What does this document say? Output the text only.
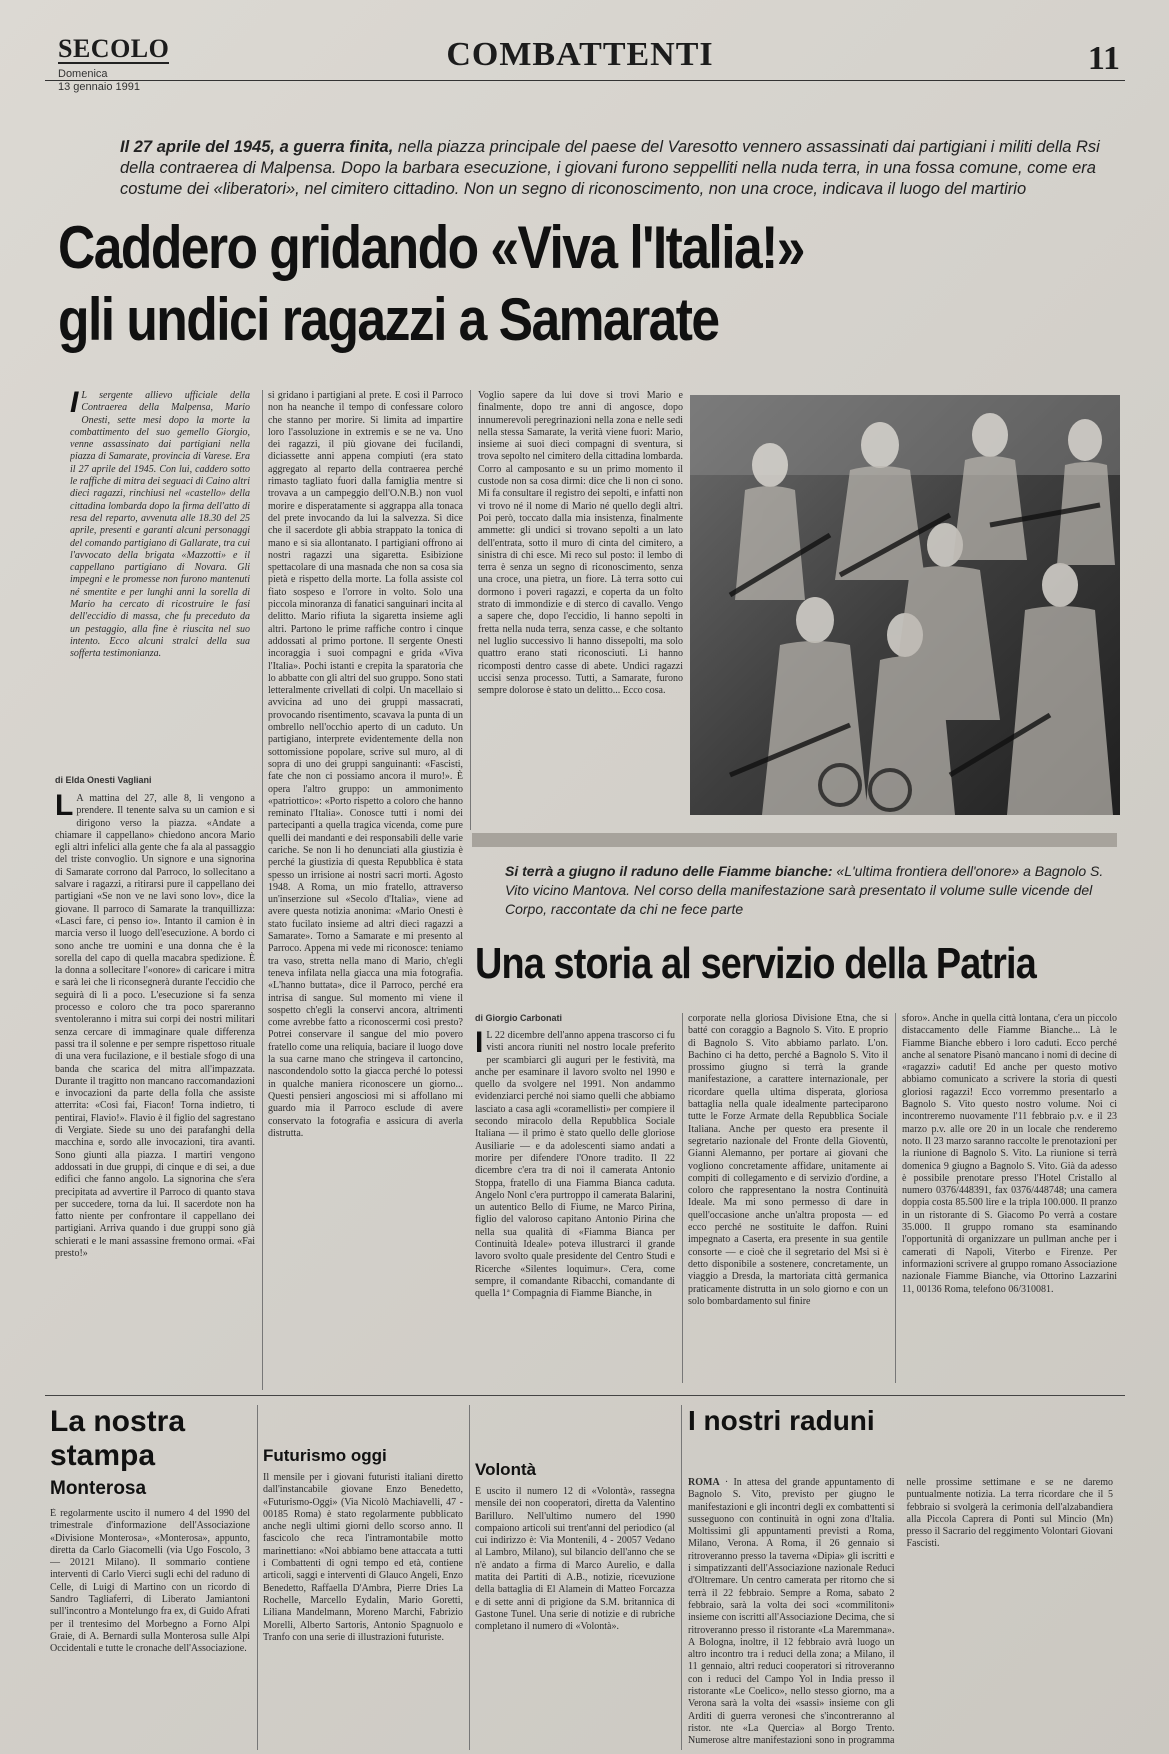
SECOLO
Domenica
13 gennaio 1991
COMBATTENTI	11
Il 27 aprile del 1945, a guerra finita, nella piazza principale del paese del Varesotto vennero assassinati dai partigiani i militi della Rsi della contraerea di Malpensa. Dopo la barbara esecuzione, i giovani furono seppelliti nella nuda terra, in una fossa comune, come era costume dei «liberatori», nel cimitero cittadino. Non un segno di riconoscimento, non una croce, indicava il luogo del martirio
Caddero gridando «Viva l'Italia!»
gli undici ragazzi a Samarate
I L sergente allievo ufficiale della Contraerea della Malpensa, Mario Onesti, sette mesi dopo la morte la combattimento del suo gemello Giorgio, venne assassinato dai partigiani nella piazza di Samarate, provincia di Varese. Era il 27 aprile del 1945. Con lui, caddero sotto le raffiche di mitra dei seguaci di Caino altri dieci ragazzi, rinchiusi nel «castello» della cittadina lombarda dopo la firma dell'atto di resa del reparto, avvenuta alle 18.30 del 25 aprile, presenti e garanti alcuni personaggi del comando partigiano di Gallarate, tra cui l'avvocato della brigata «Mazzotti» e il cappellano partigiano di Novara. Gli impegni e le promesse non furono mantenuti né smentite e per lunghi anni la sorella di Mario ha cercato di ricostruire le fasi dell'eccidio di massa, che fu preceduto da un pestaggio, alla fine è riuscita nel suo intento. Ecco alcuni stralci della sua sofferta testimonianza.
di Elda Onesti Vagliani
L A mattina del 27, alle 8, li vengono a prendere. Il tenente salva su un camion e si dirigono verso la piazza. «Andate a chiamare il cappellano» chiedono ancora Mario egli altri infelici alla gente che fa ala al passaggio del triste convoglio. Un signore e una signorina di Samarate corrono dal Parroco, lo sollecitano a salvare i ragazzi, a ritirarsi pure il cappellano dei partigiani «Se non ve ne lavi sono lov», dice la giovane. Il parroco di Samarate la tranquillizza: «Lasci fare, ci penso io». Intanto il camion è in marcia verso il luogo dell'esecuzione. A bordo ci sono anche tre uomini e una donna che è la sorella del capo di quella macabra spedizione. È la donna a sollecitare l'«onore» di caricare i mitra e sarà lei che li riconsegnerà durante l'eccidio che seguirà di lì a poco. L'esecuzione si fa senza processo e coloro che tra poco spareranno sventoleranno i mitra sui corpi dei nostri militari senza cercare di immaginare quale differenza passi tra il solenne e per sempre rispettoso rituale di una vera fucilazione, e il bestiale sfogo di una banda che scarica del mitra all'impazzata. Durante il tragitto non mancano raccomandazioni e invocazioni da parte della folla che assiste atterrita: «Così fai, Fiacon! Torna indietro, ti pentirai, Flavio!». Flavio è il figlio del sagrestano di Vergiate. Siede su uno dei parafanghi della macchina e, sordo alle invocazioni, tira avanti. Sono giunti alla piazza. I martiri vengono addossati in due gruppi, di cinque e di sei, a due edifici che fanno angolo. La signorina che s'era precipitata ad avvertire il Parroco di quanto stava per succedere, torna da lui. Il sacerdote non ha fatto niente per confrontare il cappellano dei partigiani. Arriva quando i due gruppi sono già schierati e le mani assassine fremono ormai. «Fai presto!»
si gridano i partigiani al prete. E così il Parroco non ha neanche il tempo di confessare coloro che stanno per morire. Si limita ad impartire loro l'assoluzione in extremis e se ne va. Uno dei ragazzi, il più giovane dei fucilandi, diciassette anni appena compiuti (era stato aggregato al reparto della contraerea perché rimasto tagliato fuori dalla famiglia mentre si trovava a un campeggio dell'O.N.B.) non vuol morire e disperatamente si aggrappa alla tonaca del prete invocando da lui la salvezza. Si dice che il sacerdote gli abbia strappato la tonica di mano e si sia allontanato. I partigiani offrono ai nostri ragazzi una sigaretta. Esibizione spettacolare di una masnada che non sa cosa sia pietà e rispetto della morte. La folla assiste col fiato sospeso e l'orrore in volto. Solo una piccola minoranza di fanatici sanguinari incita al delitto. Mario rifiuta la sigaretta insieme agli altri. Partono le prime raffiche contro i cinque addossati al primo portone. Il sergente Onesti incoraggia i suoi compagni e grida «Viva l'Italia». Pochi istanti e crepita la sparatoria che lo abbatte con gli altri del suo gruppo. Sono stati letteralmente crivellati di colpi. Un macellaio si avvicina ad uno dei gruppi massacrati, provocando risentimento, scavava la punta di un ombrello nell'occhio aperto di un caduto. Un partigiano, interprete evidentemente della non sottomissione popolare, scrive sul muro, al di sopra di uno dei gruppi sanguinanti: «Fascisti, fate che non ci possiamo ancora il muro!». È opera l'altro gruppo: un ammonimento «patriottico»: «Porto rispetto a coloro che hanno reminato l'Italia». Conosce tutti i nomi dei partecipanti a quella tragica vicenda, come pure quelli dei mandanti e dei responsabili delle varie cariche. Se non li ho denunciati alla giustizia è perché la giustizia di questa Repubblica è stata spesso un irrisione ai nostri sacri morti. Agosto 1948. A Roma, un mio fratello, attraverso un'inserzione sul «Secolo d'Italia», viene ad avere questa notizia anonima: «Mario Onesti è stato fucilato insieme ad altri dieci ragazzi a Samarate». Torno a Samarate e mi presento al Parroco. Appena mi vede mi riconosce: teniamo tra vaso, stretta nella mano di Mario, ch'egli teneva infilata nella giacca una mia fotografia. «L'hanno buttata», dice il Parroco, perché era intrisa di sangue. Sul momento mi viene il sospetto ch'egli la conservi ancora, altrimenti come avrebbe fatto a riconoscermi così presto? Potrei conservare il sangue del mio povero fratello come una reliquia, baciare il luogo dove la sua carne mano che stringeva il cartoncino, nascondendolo sotto la giacca perché lo potessi in qualche maniera riconoscere un giorno... Questi pensieri angosciosi mi si affollano mi guardo mia il Parroco esclude di avere conservato la fotografia e assicura di averla distrutta.
Voglio sapere da lui dove si trovi Mario e finalmente, dopo tre anni di angosce, dopo innumerevoli peregrinazioni nella zona e nelle sedi nella stessa Samarate, la verità viene fuori: Mario, insieme ai suoi dieci compagni di sventura, si trova sepolto nel cimitero della cittadina lombarda. Corro al camposanto e su un primo momento il custode non sa cosa dirmi: dice che li non ci sono. Mi fa consultare il registro dei sepolti, e infatti non vi trovo né il nome di Mario né quello degli altri. Poi però, toccato dalla mia insistenza, finalmente ammette: gli undici si trovano sepolti a un lato dell'entrata, sotto il muro di cinta del cimitero, a sinistra di chi esce. Mi reco sul posto: il lembo di terra è senza un segno di riconoscimento, senza una croce, una pietra, un fiore. Là terra sotto cui dormono i poveri ragazzi, e coperta da un folto strato di immondizie e di sterco di cavallo. Vengo a sapere che, dopo l'eccidio, li hanno sepolti in fretta nella nuda terra, senza casse, e che soltanto nel luglio successivo li hanno dissepolti, ma solo quattro erano stati riconosciuti. Li hanno ricomposti dentro casse di abete. Undici ragazzi uccisi senza processo. Tutti, a Samarate, furono sempre dolorose è stato un delitto... Ecco cosa.
Si terrà a giugno il raduno delle Fiamme bianche: «L'ultima frontiera dell'onore» a Bagnolo S. Vito vicino Mantova. Nel corso della manifestazione sarà presentato il volume sulle vicende del Corpo, raccontate da chi ne fece parte
Una storia al servizio della Patria
di Giorgio Carbonati
I L 22 dicembre dell'anno appena trascorso ci fu visti ancora riuniti nel nostro locale preferito per scambiarci gli auguri per le festività, ma anche per esaminare il lavoro svolto nel 1990 e quello da svolgere nel 1991. Non andammo evidenziarci perché noi siamo quelli che abbiamo lasciato a casa agli «coramellisti» per compiere il secondo miracolo della Repubblica Sociale Italiana — il primo è stato quello delle gloriose Ausiliarie — e da adolescenti siamo andati a morire per difendere l'Onore tradito. Il 22 dicembre c'era tra di noi il camerata Antonio Stoppa, fratello di una Fiamma Bianca caduta. Angelo Nonl c'era purtroppo il camerata Balarini, un autentico Bello di Fiume, ne Marco Pirina, figlio del valoroso capitano Antonio Pirina che nella sua qualità di «Fiamma Bianca per Continuità Ideale» poteva illustrarci il grande lavoro svolto quale presidente del Centro Studi e Ricerche «Silentes loquimur». C'era, come sempre, il comandante Ribacchi, comandante di quella 1ª Compagnia di Fiamme Bianche, in
corporate nella gloriosa Divisione Etna, che si batté con coraggio a Bagnolo S. Vito. E proprio di Bagnolo S. Vito abbiamo parlato. L'on. Bachino ci ha detto, perché a Bagnolo S. Vito il prossimo giugno si terrà la grande manifestazione, a carattere internazionale, per ricordare quella ultima disperata, gloriosa battaglia nella quale idealmente parteciparono tutte le Forze Armate della Repubblica Sociale Italiana. Anche per questo era presente il segretario nazionale del Fronte della Gioventù, Gianni Alemanno, per portare ai giovani che vogliono concretamente affidare, unitamente ai compiti di collegamento e di servizio d'ordine, a coloro che rappresentano la nostra Continuità Ideale. Ma mi sono permesso di dare in quell'occasione anche un'altra proposta — ed ecco perché ne sostituite le daffon. Ruini impegnato a Caserta, era presente in sua gentile consorte — e cioè che il segretario del Msi si è detto disponibile a sostenere, concretamente, un viaggio a Dresda, la martoriata città germanica praticamente distrutta in un solo giorno e con un solo bombardamento sul finire
sforo». Anche in quella città lontana, c'era un piccolo distaccamento delle Fiamme Bianche... Là le Fiamme Bianche ebbero i loro caduti. Ecco perché anche al senatore Pisanò mancano i nomi di decine di «ragazzi» caduti! Ed anche per questo motivo abbiamo comunicato a scrivere la storia di questi gloriosi ragazzi! Ecco vorremmo presentarlo a Bagnolo S. Vito questo nostro volume. Noi ci incontreremo nuovamente l'11 febbraio p.v. e il 23 marzo p.v. alle ore 20 in un locale che renderemo noto. Il 23 marzo saranno raccolte le prenotazioni per la riunione di Bagnolo S. Vito. La riunione si terrà domenica 9 giugno a Bagnolo S. Vito. Già da adesso è possibile prenotare presso l'Hotel Cristallo al numero 0376/448391, fax 0376/448748; una camera doppia costa 85.500 lire e la tripla 100.000. Il pranzo in un ristorante di S. Giacomo Po verrà a costare 35.000. Il gruppo romano sta esaminando l'opportunità di organizzare un pullman anche per i camerati di Napoli, Viterbo e Firenze. Per informazioni scrivere al gruppo romano Associazione nazionale Fiamme Bianche, via Ottorino Lazzarini 11, 00136 Roma, telefono 06/310081.
La nostra stampa
Monterosa
È regolarmente uscito il numero 4 del 1990 del trimestrale d'informazione dell'Associazione «Divisione Monterosa», «Monterosa», appunto, diretta da Carlo Giacomelli (via Ugo Foscolo, 3 — 20121 Milano). Il sommario contiene interventi di Carlo Vierci sugli echi del raduno di Celle, di Luigi di Martino con un ricordo di Sandro Tagliaferri, di Liberato Jamiantoni sull'incontro a Montelungo fra ex, di Guido Afrati per il trentesimo del Morbegno a Forno Alpi Graie, di A. Bernardi sulla Monterosa sulle Alpi Occidentali e tutte le cronache dell'Associazione.
Futurismo oggi
Il mensile per i giovani futuristi italiani diretto dall'instancabile giovane Enzo Benedetto, «Futurismo-Oggi» (Via Nicolò Machiavelli, 47 - 00185 Roma) è stato regolarmente pubblicato anche negli ultimi giorni dello scorso anno. Il fascicolo che reca l'intramontabile motto marinettiano: «Noi abbiamo bene attaccata a tutti i Combattenti di ogni tempo ed età, contiene articoli, saggi e interventi di Glauco Angeli, Enzo Benedetto, Raffaella D'Ambra, Pierre Dries La Rochelle, Marcello Eydalin, Mario Goretti, Liliana Mandelmann, Moreno Marchi, Fabrizio Morelli, Alberto Sartoris, Antonio Spagnuolo e Tranfo con una serie di illustrazioni futuriste.
Volontà
È uscito il numero 12 di «Volontà», rassegna mensile dei non cooperatori, diretta da Valentino Barilluro. Nell'ultimo numero del 1990 compaiono articoli sui trent'anni del periodico (al cui indirizzo è: Via Montenili, 4 - 20057 Vedano al Lambro, Milano), sul bilancio dell'anno che se n'è andato a firma di Marco Aurelio, e dalla matita dei Partiti di A.B., notizie, ricevuzione della battaglia di El Alamein di Matteo Forcazza e di sette anni di prigione da S.M. britannica di Gastone Tunel. Una serie di notizie e di rubriche completano il numero di «Volontà».
I nostri raduni
ROMA · In attesa del grande appuntamento di Bagnolo S. Vito, previsto per giugno le manifestazioni e gli incontri degli ex combattenti si susseguono con continuità in ogni zona d'Italia. Moltissimi gli appuntamenti previsti a Roma, Milano, Verona. A Roma, il 26 gennaio si ritroveranno presso la taverna «Dipia» gli iscritti e i simpatizzanti dell'Associazione nazionale Reduci d'Oltremare. Un centro camerata per ritorno che si terrà il 22 febbraio. Sempre a Roma, sabato 2 febbraio, sarà la volta dei soci «commilitoni» insieme con iscritti all'Associazione Decima, che si ritroveranno presso il ristorante «La Maremmana». A Bologna, inoltre, il 12 febbraio avrà luogo un altro incontro tra i reduci della zona; a Milano, il 11 gennaio, altri reduci cooperatori si ritroveranno con i reduci del Campo Yol in India presso il ristorante «Le Coelico», nello stesso giorno, ma a Verona sarà la volta dei «sassi» insieme con gli Arditi di guerra veronesi che s'incontreranno al ristor. nte «La Quercia» al Borgo Trento. Numerose altre manifestazioni sono in programma nelle prossime settimane e se ne daremo puntualmente notizia. La terra ricordare che il 5 febbraio si svolgerà la cerimonia dell'alzabandiera alla Piccola Caprera di Ponti sul Mincio (Mn) presso il Sacrario del reggimento Volontari Giovani Fascisti.
